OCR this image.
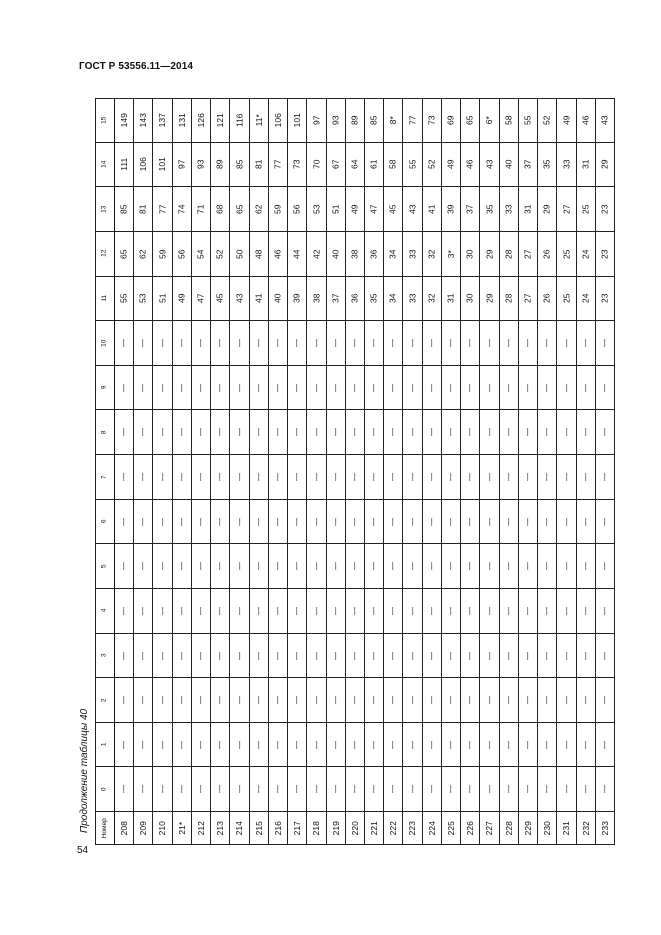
ГОСТ Р 53556.11—2014
Продолжение таблицы 40
54
Номер
0
1
2
3
4
5
6
7
8
9
10
11
12
13
14
15
208
—
—
—
—
—
—
—
—
—
—
—
55
65
85
111
149
209
—
—
—
—
—
—
—
—
—
—
—
53
62
81
106
143
210
—
—
—
—
—
—
—
—
—
—
—
51
59
77
101
137
21*
—
—
—
—
—
—
—
—
—
—
—
49
56
74
97
131
212
—
—
—
—
—
—
—
—
—
—
—
47
54
71
93
126
213
—
—
—
—
—
—
—
—
—
—
—
45
52
68
89
121
214
—
—
—
—
—
—
—
—
—
—
—
43
50
65
85
116
215
—
—
—
—
—
—
—
—
—
—
—
41
48
62
81
11*
216
—
—
—
—
—
—
—
—
—
—
—
40
46
59
77
106
217
—
—
—
—
—
—
—
—
—
—
—
39
44
56
73
101
218
—
—
—
—
—
—
—
—
—
—
—
38
42
53
70
97
219
—
—
—
—
—
—
—
—
—
—
—
37
40
51
67
93
220
—
—
—
—
—
—
—
—
—
—
—
36
38
49
64
89
221
—
—
—
—
—
—
—
—
—
—
—
35
36
47
61
85
222
—
—
—
—
—
—
—
—
—
—
—
34
34
45
58
8*
223
—
—
—
—
—
—
—
—
—
—
—
33
33
43
55
77
224
—
—
—
—
—
—
—
—
—
—
—
32
32
41
52
73
225
—
—
—
—
—
—
—
—
—
—
—
31
3*
39
49
69
226
—
—
—
—
—
—
—
—
—
—
—
30
30
37
46
65
227
—
—
—
—
—
—
—
—
—
—
—
29
29
35
43
6*
228
—
—
—
—
—
—
—
—
—
—
—
28
28
33
40
58
229
—
—
—
—
—
—
—
—
—
—
—
27
27
31
37
55
230
—
—
—
—
—
—
—
—
—
—
—
26
26
29
35
52
231
—
—
—
—
—
—
—
—
—
—
—
25
25
27
33
49
232
—
—
—
—
—
—
—
—
—
—
—
24
24
25
31
46
233
—
—
—
—
—
—
—
—
—
—
—
23
23
23
29
43
